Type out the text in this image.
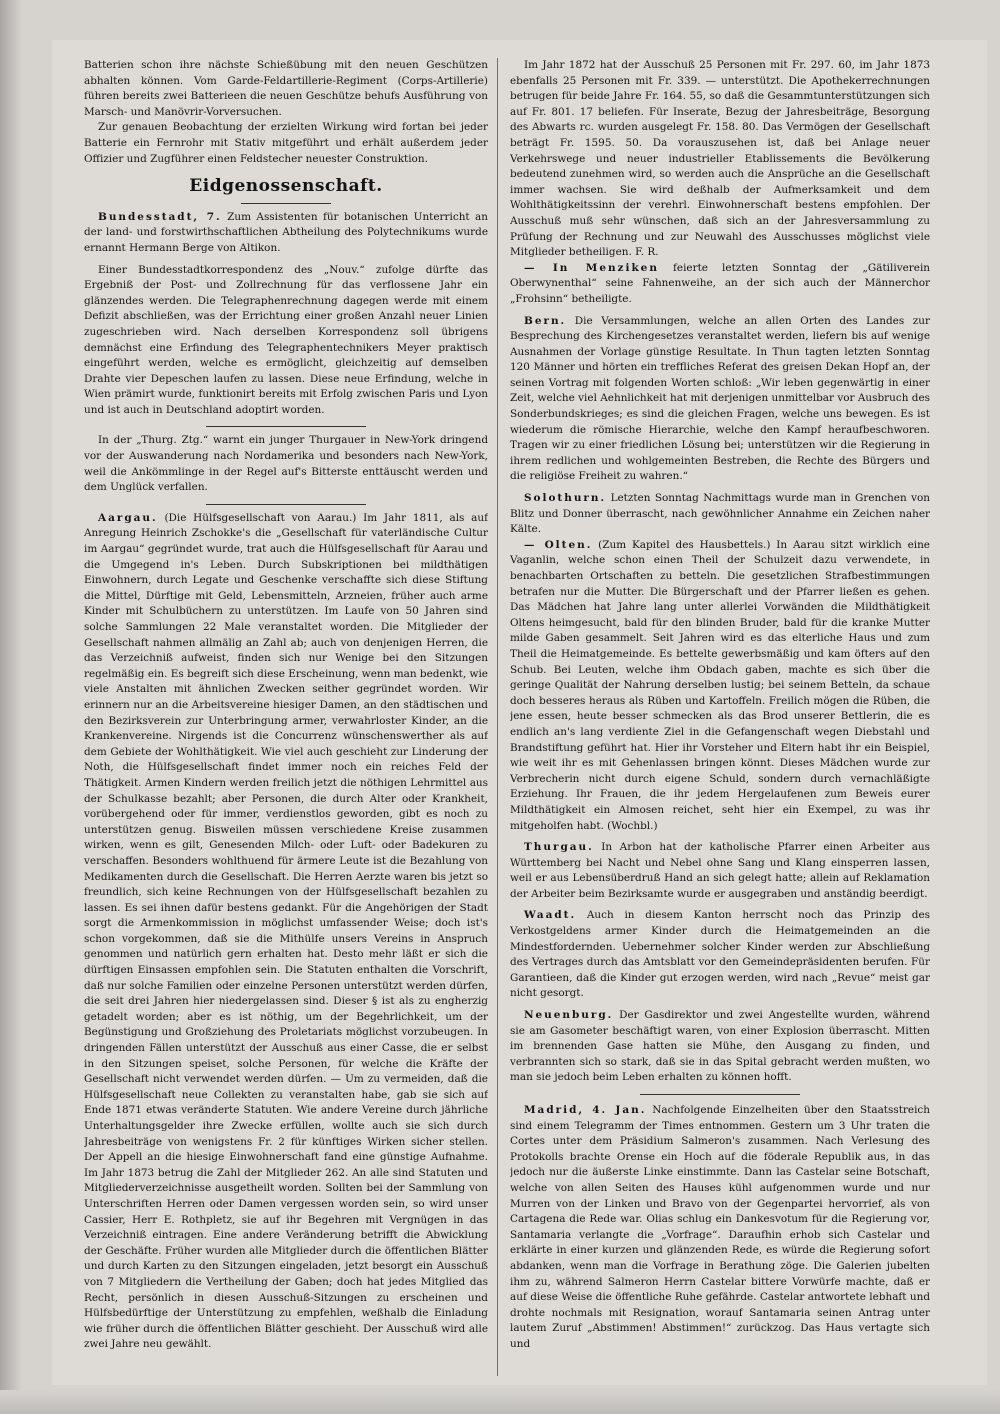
Batterien schon ihre nächste Schießübung mit den neuen Geschützen abhalten können. Vom Garde-Feldartillerie-Regiment (Corps-Artillerie) führen bereits zwei Batterieen die neuen Geschütze behufs Ausführung von Marsch- und Manövrir-Vorversuchen.

Zur genauen Beobachtung der erzielten Wirkung wird fortan bei jeder Batterie ein Fernrohr mit Stativ mitgeführt und erhält außerdem jeder Offizier und Zugführer einen Feldstecher neuester Construktion.

Eidgenossenschaft.

Bundesstadt, 7. Zum Assistenten für botanischen Unterricht an der land- und forstwirthschaftlichen Abtheilung des Polytechnikums wurde ernannt Hermann Berge von Altikon.

Einer Bundesstadtkorrespondenz des „Nouv.“ zufolge dürfte das Ergebniß der Post- und Zollrechnung für das verflossene Jahr ein glänzendes werden. Die Telegraphenrechnung dagegen werde mit einem Defizit abschließen, was der Errichtung einer großen Anzahl neuer Linien zugeschrieben wird. Nach derselben Korrespondenz soll übrigens demnächst eine Erfindung des Telegraphentechnikers Meyer praktisch eingeführt werden, welche es ermöglicht, gleichzeitig auf demselben Drahte vier Depeschen laufen zu lassen. Diese neue Erfindung, welche in Wien prämirt wurde, funktionirt bereits mit Erfolg zwischen Paris und Lyon und ist auch in Deutschland adoptirt worden.

In der „Thurg. Ztg.“ warnt ein junger Thurgauer in New-York dringend vor der Auswanderung nach Nordamerika und besonders nach New-York, weil die Ankömmlinge in der Regel auf's Bitterste enttäuscht werden und dem Unglück verfallen.

Aargau. (Die Hülfsgesellschaft von Aarau.) Im Jahr 1811, als auf Anregung Heinrich Zschokke's die „Gesellschaft für vaterländische Cultur im Aargau“ gegründet wurde, trat auch die Hülfsgesellschaft für Aarau und die Umgegend in's Leben. Durch Subskriptionen bei mildthätigen Einwohnern, durch Legate und Geschenke verschaffte sich diese Stiftung die Mittel, Dürftige mit Geld, Lebensmitteln, Arzneien, früher auch arme Kinder mit Schulbüchern zu unterstützen. Im Laufe von 50 Jahren sind solche Sammlungen 22 Male veranstaltet worden. Die Mitglieder der Gesellschaft nahmen allmälig an Zahl ab; auch von denjenigen Herren, die das Verzeichniß aufweist, finden sich nur Wenige bei den Sitzungen regelmäßig ein. Es begreift sich diese Erscheinung, wenn man bedenkt, wie viele Anstalten mit ähnlichen Zwecken seither gegründet worden. Wir erinnern nur an die Arbeitsvereine hiesiger Damen, an den städtischen und den Bezirksverein zur Unterbringung armer, verwahrloster Kinder, an die Krankenvereine. Nirgends ist die Concurrenz wünschenswerther als auf dem Gebiete der Wohlthätigkeit. Wie viel auch geschieht zur Linderung der Noth, die Hülfsgesellschaft findet immer noch ein reiches Feld der Thätigkeit. Armen Kindern werden freilich jetzt die nöthigen Lehrmittel aus der Schulkasse bezahlt; aber Personen, die durch Alter oder Krankheit, vorübergehend oder für immer, verdienstlos geworden, gibt es noch zu unterstützen genug. Bisweilen müssen verschiedene Kreise zusammen wirken, wenn es gilt, Genesenden Milch- oder Luft- oder Badekuren zu verschaffen. Besonders wohlthuend für ärmere Leute ist die Bezahlung von Medikamenten durch die Gesellschaft. Die Herren Aerzte waren bis jetzt so freundlich, sich keine Rechnungen von der Hülfsgesellschaft bezahlen zu lassen. Es sei ihnen dafür bestens gedankt. Für die Angehörigen der Stadt sorgt die Armenkommission in möglichst umfassender Weise; doch ist's schon vorgekommen, daß sie die Mithülfe unsers Vereins in Anspruch genommen und natürlich gern erhalten hat. Desto mehr läßt er sich die dürftigen Einsassen empfohlen sein. Die Statuten enthalten die Vorschrift, daß nur solche Familien oder einzelne Personen unterstützt werden dürfen, die seit drei Jahren hier niedergelassen sind. Dieser § ist als zu engherzig getadelt worden; aber es ist nöthig, um der Begehrlichkeit, um der Begünstigung und Großziehung des Proletariats möglichst vorzubeugen. In dringenden Fällen unterstützt der Ausschuß aus einer Casse, die er selbst in den Sitzungen speiset, solche Personen, für welche die Kräfte der Gesellschaft nicht verwendet werden dürfen. — Um zu vermeiden, daß die Hülfsgesellschaft neue Collekten zu veranstalten habe, gab sie sich auf Ende 1871 etwas veränderte Statuten. Wie andere Vereine durch jährliche Unterhaltungsgelder ihre Zwecke erfüllen, wollte auch sie sich durch Jahresbeiträge von wenigstens Fr. 2 für künftiges Wirken sicher stellen. Der Appell an die hiesige Einwohnerschaft fand eine günstige Aufnahme. Im Jahr 1873 betrug die Zahl der Mitglieder 262. An alle sind Statuten und Mitgliederverzeichnisse ausgetheilt worden. Sollten bei der Sammlung von Unterschriften Herren oder Damen vergessen worden sein, so wird unser Cassier, Herr E. Rothpletz, sie auf ihr Begehren mit Vergnügen in das Verzeichniß eintragen. Eine andere Veränderung betrifft die Abwicklung der Geschäfte. Früher wurden alle Mitglieder durch die öffentlichen Blätter und durch Karten zu den Sitzungen eingeladen, jetzt besorgt ein Ausschuß von 7 Mitgliedern die Vertheilung der Gaben; doch hat jedes Mitglied das Recht, persönlich in diesen Ausschuß-Sitzungen zu erscheinen und Hülfsbedürftige der Unterstützung zu empfehlen, weßhalb die Einladung wie früher durch die öffentlichen Blätter geschieht. Der Ausschuß wird alle zwei Jahre neu gewählt.

Im Jahr 1872 hat der Ausschuß 25 Personen mit Fr. 297. 60, im Jahr 1873 ebenfalls 25 Personen mit Fr. 339. — unterstützt. Die Apothekerrechnungen betrugen für beide Jahre Fr. 164. 55, so daß die Gesammtunterstützungen sich auf Fr. 801. 17 beliefen. Für Inserate, Bezug der Jahresbeiträge, Besorgung des Abwarts rc. wurden ausgelegt Fr. 158. 80. Das Vermögen der Gesellschaft beträgt Fr. 1595. 50. Da vorauszusehen ist, daß bei Anlage neuer Verkehrswege und neuer industrieller Etablissements die Bevölkerung bedeutend zunehmen wird, so werden auch die Ansprüche an die Gesellschaft immer wachsen. Sie wird deßhalb der Aufmerksamkeit und dem Wohlthätigkeitssinn der verehrl. Einwohnerschaft bestens empfohlen. Der Ausschuß muß sehr wünschen, daß sich an der Jahresversammlung zu Prüfung der Rechnung und zur Neuwahl des Ausschusses möglichst viele Mitglieder betheiligen. F. R.

— In Menziken feierte letzten Sonntag der „Gätiliverein Oberwynenthal“ seine Fahnenweihe, an der sich auch der Männerchor „Frohsinn“ betheiligte.

Bern. Die Versammlungen, welche an allen Orten des Landes zur Besprechung des Kirchengesetzes veranstaltet werden, liefern bis auf wenige Ausnahmen der Vorlage günstige Resultate. In Thun tagten letzten Sonntag 120 Männer und hörten ein treffliches Referat des greisen Dekan Hopf an, der seinen Vortrag mit folgenden Worten schloß: „Wir leben gegenwärtig in einer Zeit, welche viel Aehnlichkeit hat mit derjenigen unmittelbar vor Ausbruch des Sonderbundskrieges; es sind die gleichen Fragen, welche uns bewegen. Es ist wiederum die römische Hierarchie, welche den Kampf heraufbeschworen. Tragen wir zu einer friedlichen Lösung bei; unterstützen wir die Regierung in ihrem redlichen und wohlgemeinten Bestreben, die Rechte des Bürgers und die religiöse Freiheit zu wahren.“

Solothurn. Letzten Sonntag Nachmittags wurde man in Grenchen von Blitz und Donner überrascht, nach gewöhnlicher Annahme ein Zeichen naher Kälte.

— Olten. (Zum Kapitel des Hausbettels.) In Aarau sitzt wirklich eine Vaganlin, welche schon einen Theil der Schulzeit dazu verwendete, in benachbarten Ortschaften zu betteln. Die gesetzlichen Strafbestimmungen betrafen nur die Mutter. Die Bürgerschaft und der Pfarrer ließen es gehen. Das Mädchen hat Jahre lang unter allerlei Vorwänden die Mildthätigkeit Oltens heimgesucht, bald für den blinden Bruder, bald für die kranke Mutter milde Gaben gesammelt. Seit Jahren wird es das elterliche Haus und zum Theil die Heimatgemeinde. Es bettelte gewerbsmäßig und kam öfters auf den Schub. Bei Leuten, welche ihm Obdach gaben, machte es sich über die geringe Qualität der Nahrung derselben lustig; bei seinem Betteln, da schaue doch besseres heraus als Rüben und Kartoffeln. Freilich mögen die Rüben, die jene essen, heute besser schmecken als das Brod unserer Bettlerin, die es endlich an's lang verdiente Ziel in die Gefangenschaft wegen Diebstahl und Brandstiftung geführt hat. Hier ihr Vorsteher und Eltern habt ihr ein Beispiel, wie weit ihr es mit Gehenlassen bringen könnt. Dieses Mädchen wurde zur Verbrecherin nicht durch eigene Schuld, sondern durch vernachläßigte Erziehung. Ihr Frauen, die ihr jedem Hergelaufenen zum Beweis eurer Mildthätigkeit ein Almosen reichet, seht hier ein Exempel, zu was ihr mitgeholfen habt. (Wochbl.)

Thurgau. In Arbon hat der katholische Pfarrer einen Arbeiter aus Württemberg bei Nacht und Nebel ohne Sang und Klang einsperren lassen, weil er aus Lebensüberdruß Hand an sich gelegt hatte; allein auf Reklamation der Arbeiter beim Bezirksamte wurde er ausgegraben und anständig beerdigt.

Waadt. Auch in diesem Kanton herrscht noch das Prinzip des Verkostgeldens armer Kinder durch die Heimatgemeinden an die Mindestfordernden. Uebernehmer solcher Kinder werden zur Abschließung des Vertrages durch das Amtsblatt vor den Gemeindepräsidenten berufen. Für Garantieen, daß die Kinder gut erzogen werden, wird nach „Revue“ meist gar nicht gesorgt.

Neuenburg. Der Gasdirektor und zwei Angestellte wurden, während sie am Gasometer beschäftigt waren, von einer Explosion überrascht. Mitten im brennenden Gase hatten sie Mühe, den Ausgang zu finden, und verbrannten sich so stark, daß sie in das Spital gebracht werden mußten, wo man sie jedoch beim Leben erhalten zu können hofft.

Madrid, 4. Jan. Nachfolgende Einzelheiten über den Staatsstreich sind einem Telegramm der Times entnommen. Gestern um 3 Uhr traten die Cortes unter dem Präsidium Salmeron's zusammen. Nach Verlesung des Protokolls brachte Orense ein Hoch auf die föderale Republik aus, in das jedoch nur die äußerste Linke einstimmte. Dann las Castelar seine Botschaft, welche von allen Seiten des Hauses kühl aufgenommen wurde und nur Murren von der Linken und Bravo von der Gegenpartei hervorrief, als von Cartagena die Rede war. Olias schlug ein Dankesvotum für die Regierung vor, Santamaria verlangte die „Vorfrage“. Daraufhin erhob sich Castelar und erklärte in einer kurzen und glänzenden Rede, es würde die Regierung sofort abdanken, wenn man die Vorfrage in Berathung zöge. Die Galerien jubelten ihm zu, während Salmeron Herrn Castelar bittere Vorwürfe machte, daß er auf diese Weise die öffentliche Ruhe gefährde. Castelar antwortete lebhaft und drohte nochmals mit Resignation, worauf Santamaria seinen Antrag unter lautem Zuruf „Abstimmen! Abstimmen!“ zurückzog. Das Haus vertagte sich und
